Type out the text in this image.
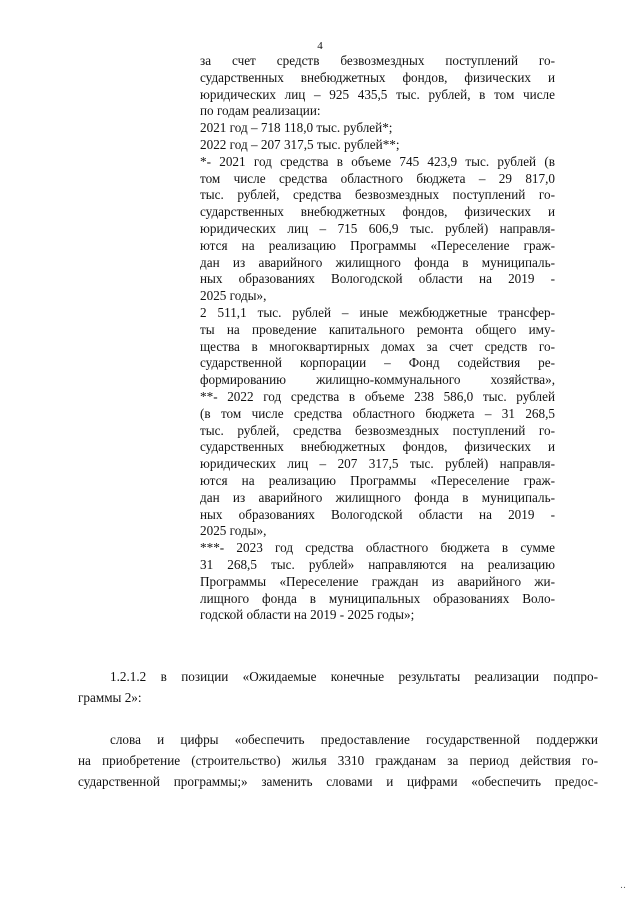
4
за счет средств безвозмездных поступлений го-
сударственных внебюджетных фондов, физических и
юридических лиц – 925 435,5 тыс. рублей, в том числе
по годам реализации:
2021 год – 718 118,0 тыс. рублей*;
2022 год – 207 317,5 тыс. рублей**;
*- 2021 год средства в объеме 745 423,9 тыс. рублей (в
том числе средства областного бюджета – 29 817,0
тыс. рублей, средства безвозмездных поступлений го-
сударственных внебюджетных фондов, физических и
юридических лиц – 715 606,9 тыс. рублей) направля-
ются на реализацию Программы «Переселение граж-
дан из аварийного жилищного фонда в муниципаль-
ных образованиях Вологодской области на 2019 -
2025 годы»,
2 511,1 тыс. рублей – иные межбюджетные трансфер-
ты на проведение капитального ремонта общего иму-
щества в многоквартирных домах за счет средств го-
сударственной корпорации – Фонд содействия ре-
формированию жилищно-коммунального хозяйства»,
**- 2022 год средства в объеме 238 586,0 тыс. рублей
(в том числе средства областного бюджета – 31 268,5
тыс. рублей, средства безвозмездных поступлений го-
сударственных внебюджетных фондов, физических и
юридических лиц – 207 317,5 тыс. рублей) направля-
ются на реализацию Программы «Переселение граж-
дан из аварийного жилищного фонда в муниципаль-
ных образованиях Вологодской области на 2019 -
2025 годы»,
***- 2023 год средства областного бюджета в сумме
31 268,5 тыс. рублей» направляются на реализацию
Программы «Переселение граждан из аварийного жи-
лищного фонда в муниципальных образованиях Воло-
годской области на 2019 - 2025 годы»;
1.2.1.2 в позиции «Ожидаемые конечные результаты реализации подпро-
граммы 2»:
слова и цифры «обеспечить предоставление государственной поддержки
на приобретение (строительство) жилья 3310 гражданам за период действия го-
сударственной программы;» заменить словами и цифрами «обеспечить предос-
‥
